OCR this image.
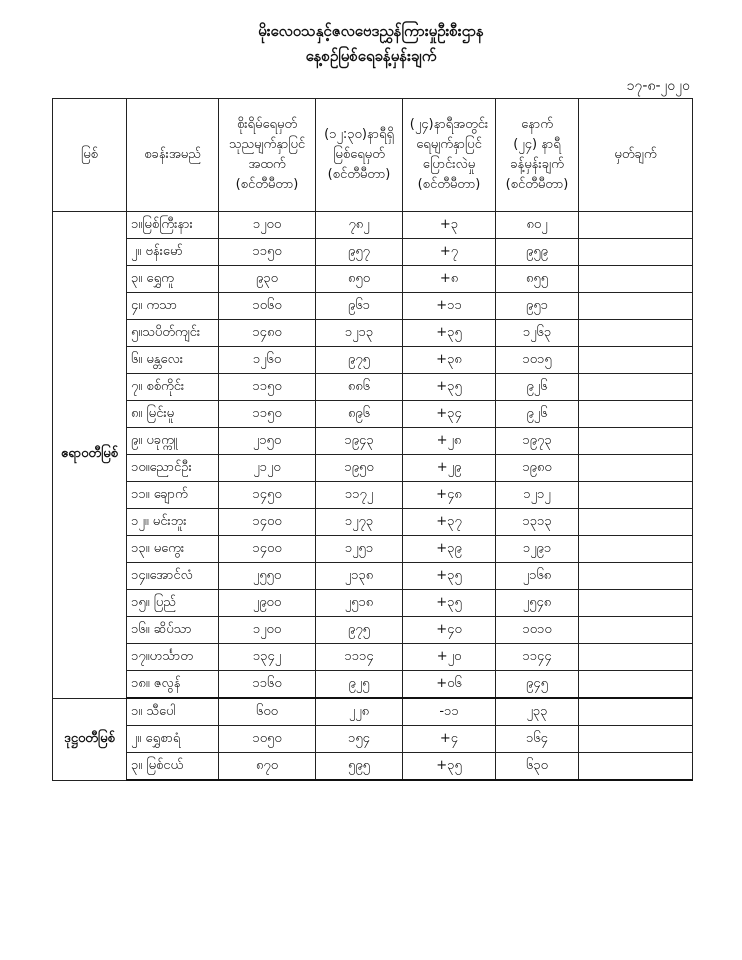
မိုးလေဝသနှင့်ဇလဗေဒညွှန်ကြားမှုဦးစီးဌာန
နေ့စဉ်မြစ်ရေခန့်မှန်းချက်
၁၇-၈-၂၀၂၀
မြစ်	စခန်းအမည်	စိုးရိမ်ရေမှတ်
သုညမျက်နှာပြင်
အထက်
(စင်တီမီတာ)	(၁၂:၃၀)နာရီရှိ
မြစ်ရေမှတ်
(စင်တီမီတာ)	(၂၄)နာရီအတွင်း
ရေမျက်နှာပြင်
ပြောင်းလဲမှု
(စင်တီမီတာ)	နောက်
(၂၄) နာရီ
ခန့်မှန်းချက်
(စင်တီမီတာ)	မှတ်ချက်
ဧရာဝတီမြစ်	၁။မြစ်ကြီးနား	၁၂၀၀	၇၈၂	+၃	၈၀၂	
	၂။ ဗန်းမော်	၁၁၅၀	၉၅၇	+၇	၉၅၉	
	၃။ ရွှေကူ	၉၃၀	၈၅၀	+၈	၈၅၅	
	၄။ ကသာ	၁၀၆၀	၉၆၁	+၁၁	၉၅၁	
	၅။သပိတ်ကျင်း	၁၄၈၀	၁၂၁၃	+၃၅	၁၂၆၃	
	၆။ မန္တလေး	၁၂၆၀	၉၇၅	+၃၈	၁၀၁၅	
	၇။ စစ်ကိုင်း	၁၁၅၀	၈၈၆	+၃၅	၉၂၆	
	၈။ မြင်းမူ	၁၁၅၀	၈၉၆	+၃၄	၉၂၆	
	၉။ ပခုက္ကူ	၂၁၅၀	၁၉၄၃	+၂၈	၁၉၇၃	
	၁၀။ညောင်ဦး	၂၁၂၀	၁၉၅၀	+၂၉	၁၉၈၀	
	၁၁။ ချောက်	၁၄၅၀	၁၁၇၂	+၄၈	၁၂၁၂	
	၁၂။ မင်းဘူး	၁၄၀၀	၁၂၇၃	+၃၇	၁၃၁၃	
	၁၃။ မကွေး	၁၄၀၀	၁၂၅၁	+၃၉	၁၂၉၁	
	၁၄။အောင်လံ	၂၅၅၀	၂၁၃၈	+၃၅	၂၁၆၈	
	၁၅။ ပြည်	၂၉၀၀	၂၅၁၈	+၃၅	၂၅၄၈	
	၁၆။ ဆိပ်သာ	၁၂၀၀	၉၇၅	+၄၀	၁၀၁၀	
	၁၇။ဟင်္သာတ	၁၃၄၂	၁၁၁၄	+၂၀	၁၁၄၄	
	၁၈။ ဇလွန်	၁၁၆၀	၉၂၅	+၀၆	၉၄၅	
ဒုဋ္ဌဝတီမြစ်	၁။ သီပေါ	၆၀၀	၂၂၈	-၁၁	၂၃၃	
	၂။ ရွှေစာရံ	၁၀၅၀	၁၅၄	+၄	၁၆၄	
	၃။ မြစ်ငယ်	၈၇၀	၅၉၅	+၃၅	၆၃၀	
